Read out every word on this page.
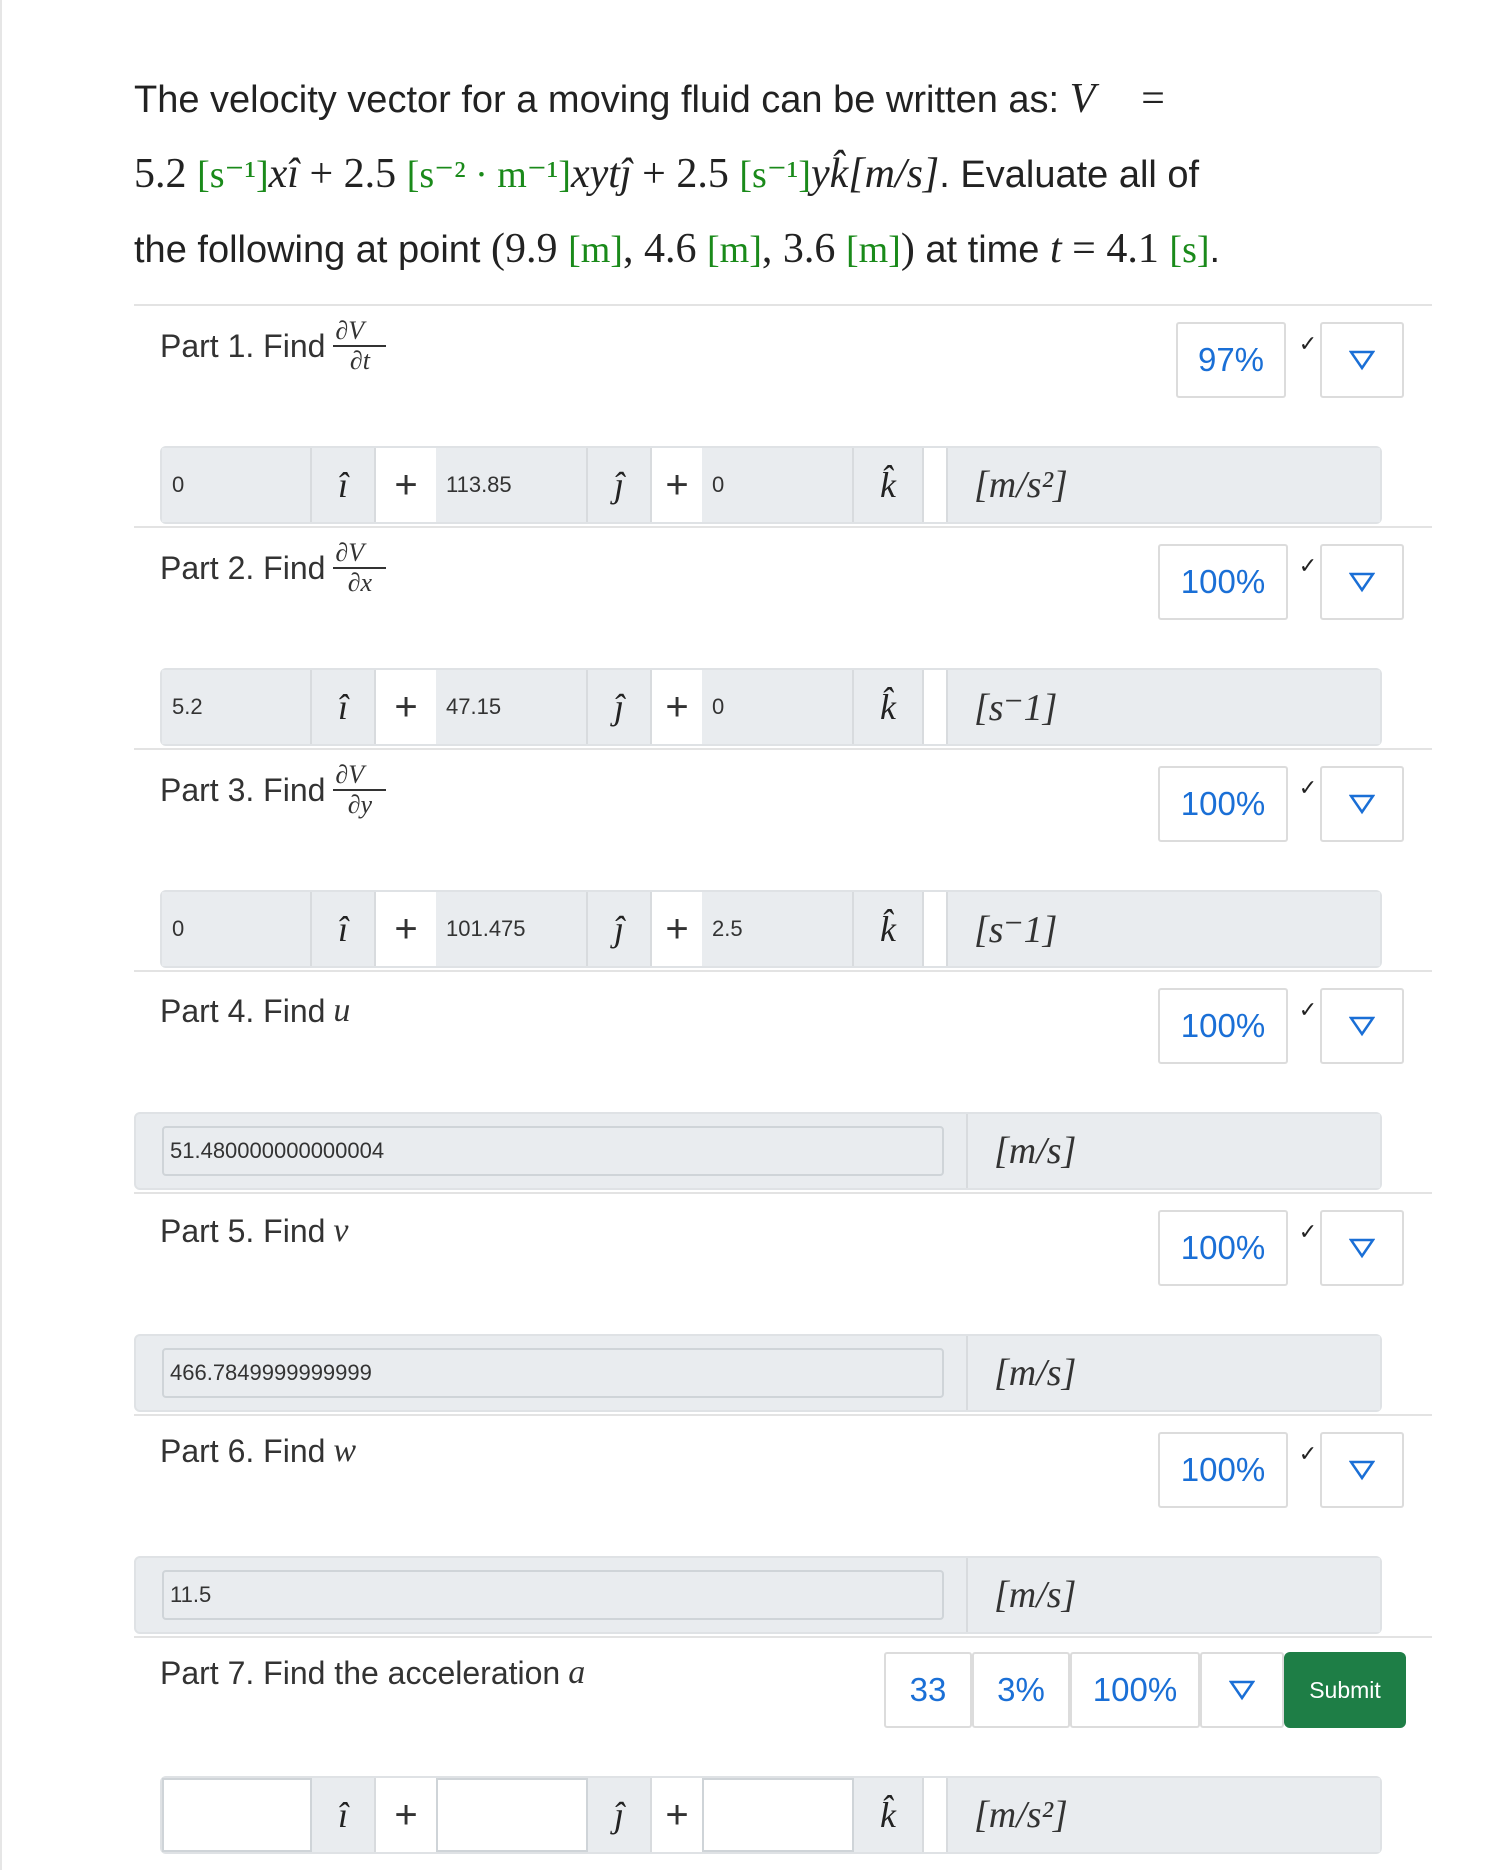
The velocity vector for a moving fluid can be written as: V⃗ =
5.2 [s⁻¹]xî + 2.5 [s⁻² · m⁻¹]xytĵ + 2.5 [s⁻¹]yk̂[m/s]. Evaluate all of
the following at point (9.9 [m], 4.6 [m], 3.6 [m]) at time t = 4.1 [s].
Part 1. Find $\frac{\partial V⃗}{\partial t}$	97%	✓
0	î	+	113.85	ĵ	+	0	k̂	[m/s²]
Part 2. Find $\frac{\partial V⃗}{\partial x}$	100%	✓
5.2	î	+	47.15	ĵ	+	0	k̂	[s⁻1]
Part 3. Find $\frac{\partial V⃗}{\partial y}$	100%	✓
0	î	+	101.475	ĵ	+	2.5	k̂	[s⁻1]
Part 4. Find u	100%	✓
51.480000000000004	[m/s]
Part 5. Find v	100%	✓
466.7849999999999	[m/s]
Part 6. Find w
100%	✓
11.5	[m/s]
Part 7. Find the acceleration a⃗	33	3%	100%	Submit
î	+	ĵ	+	k̂	[m/s²]
